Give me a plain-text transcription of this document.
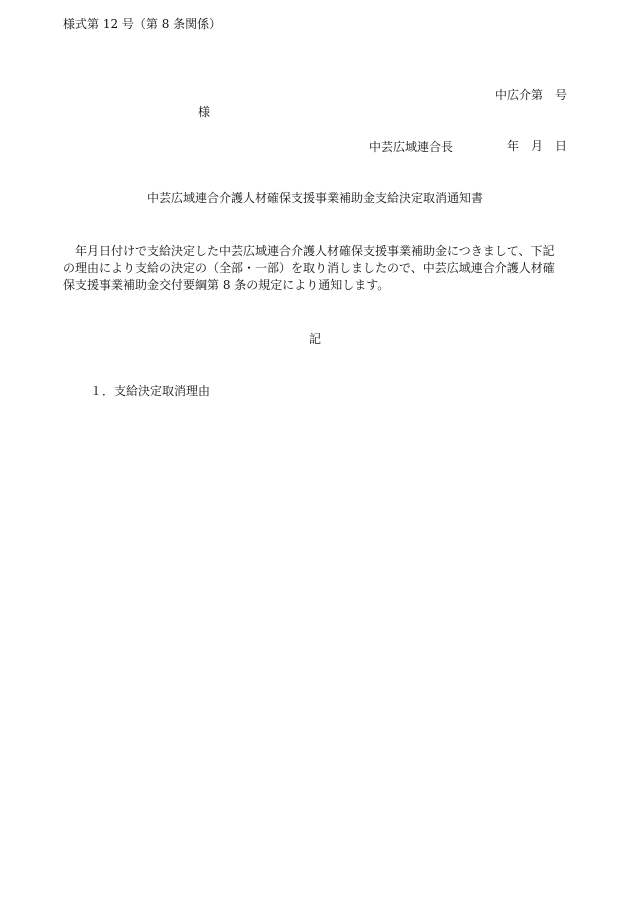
様式第 12 号（第 8 条関係）

中広介第　号

年　月　日

様
中芸広域連合長
中芸広域連合介護人材確保支援事業補助金支給決定取消通知書
　年月日付けで支給決定した中芸広域連合介護人材確保支援事業補助金につきまして、下記
の理由により支給の決定の（全部・一部）を取り消しましたので、中芸広域連合介護人材確
保支援事業補助金交付要綱第 8 条の規定により通知します。
記
１．支給決定取消理由
